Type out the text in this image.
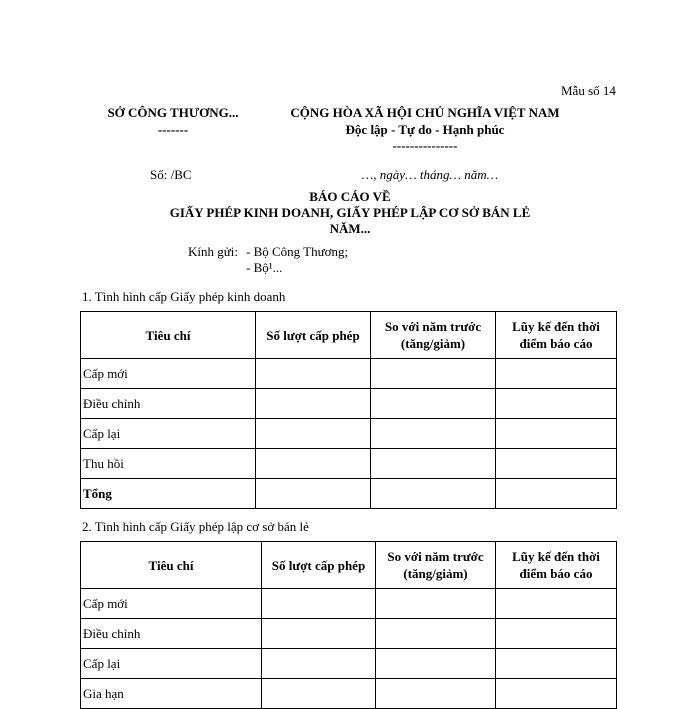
Mẫu số 14
SỞ CÔNG THƯƠNG...
-------
CỘNG HÒA XÃ HỘI CHỦ NGHĨA VIỆT NAM
Độc lập - Tự do - Hạnh phúc
---------------
Số: /BC	…, ngày… tháng… năm…
BÁO CÁO VỀ
GIẤY PHÉP KINH DOANH, GIẤY PHÉP LẬP CƠ SỞ BÁN LẺ
NĂM...
Kính gửi: - Bộ Công Thương;
- Bộ¹...
1. Tình hình cấp Giấy phép kinh doanh
Tiêu chí	Số lượt cấp phép	So với năm trước (tăng/giảm)	Lũy kế đến thời điểm báo cáo
Cấp mới			
Điều chỉnh			
Cấp lại			
Thu hồi			
Tổng			
2. Tình hình cấp Giấy phép lập cơ sở bán lẻ
Tiêu chí	Số lượt cấp phép	So với năm trước (tăng/giảm)	Lũy kế đến thời điểm báo cáo
Cấp mới			
Điều chỉnh			
Cấp lại			
Gia hạn			
